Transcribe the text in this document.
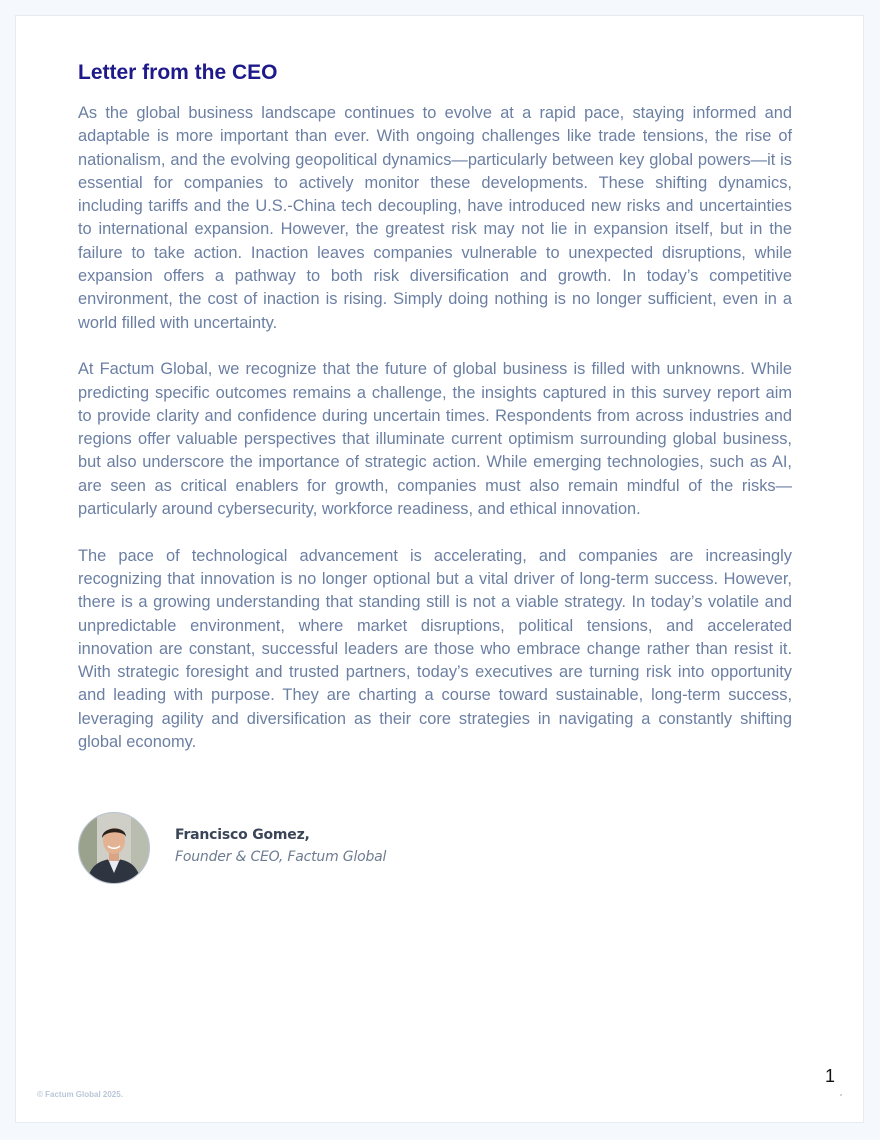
Letter from the CEO

As the global business landscape continues to evolve at a rapid pace, staying informed and adaptable is more important than ever. With ongoing challenges like trade tensions, the rise of nationalism, and the evolving geopolitical dynamics—particularly between key global powers—it is essential for companies to actively monitor these developments. These shifting dynamics, including tariffs and the U.S.-China tech decoupling, have introduced new risks and uncertainties to international expansion. However, the greatest risk may not lie in expansion itself, but in the failure to take action. Inaction leaves companies vulnerable to unexpected disruptions, while expansion offers a pathway to both risk diversification and growth. In today’s competitive environment, the cost of inaction is rising. Simply doing nothing is no longer sufficient, even in a world filled with uncertainty.

At Factum Global, we recognize that the future of global business is filled with unknowns. While predicting specific outcomes remains a challenge, the insights captured in this survey report aim to provide clarity and confidence during uncertain times. Respondents from across industries and regions offer valuable perspectives that illuminate current optimism surrounding global business, but also underscore the importance of strategic action. While emerging technologies, such as AI, are seen as critical enablers for growth, companies must also remain mindful of the risks—particularly around cybersecurity, workforce readiness, and ethical innovation.

The pace of technological advancement is accelerating, and companies are increasingly recognizing that innovation is no longer optional but a vital driver of long-term success. However, there is a growing understanding that standing still is not a viable strategy. In today’s volatile and unpredictable environment, where market disruptions, political tensions, and accelerated innovation are constant, successful leaders are those who embrace change rather than resist it. With strategic foresight and trusted partners, today’s executives are turning risk into opportunity and leading with purpose. They are charting a course toward sustainable, long-term success, leveraging agility and diversification as their core strategies in navigating a constantly shifting global economy.

Francisco Gomez,
Founder & CEO, Factum Global
1
© Factum Global 2025.
